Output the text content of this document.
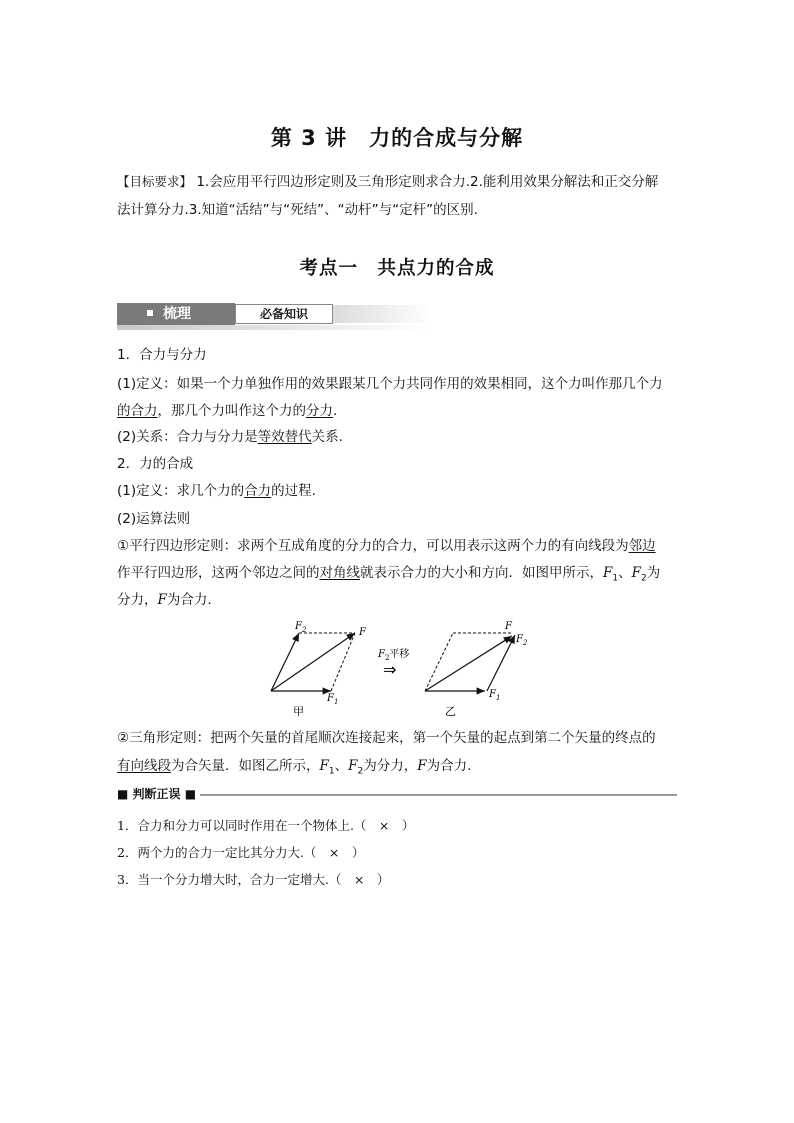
第 3 讲　力的合成与分解
【目标要求】 1.会应用平行四边形定则及三角形定则求合力.2.能利用效果分解法和正交分解
法计算分力.3.知道“活结”与“死结”、“动杆”与“定杆”的区别.
考点一　共点力的合成
梳理	必备知识
1．合力与分力
(1)定义：如果一个力单独作用的效果跟某几个力共同作用的效果相同，这个力叫作那几个力
的合力，那几个力叫作这个力的分力.
(2)关系：合力与分力是等效替代关系.
2．力的合成
(1)定义：求几个力的合力的过程.
(2)运算法则
①平行四边形定则：求两个互成角度的分力的合力，可以用表示这两个力的有向线段为邻边
作平行四边形，这两个邻边之间的对角线就表示合力的大小和方向．如图甲所示，$F_1$、$F_2$为
分力，F为合力.
$F_2$	F
$F_1$
甲
$F_2$平移
⇒
F
$F_2$
$F_1$
乙
②三角形定则：把两个矢量的首尾顺次连接起来，第一个矢量的起点到第二个矢量的终点的
有向线段为合矢量．如图乙所示，$F_1$、$F_2$为分力，F为合力.
■ 判断正误 ■
1．合力和分力可以同时作用在一个物体上.（　×　）
2．两个力的合力一定比其分力大.（　×　）
3．当一个分力增大时，合力一定增大.（　×　）
